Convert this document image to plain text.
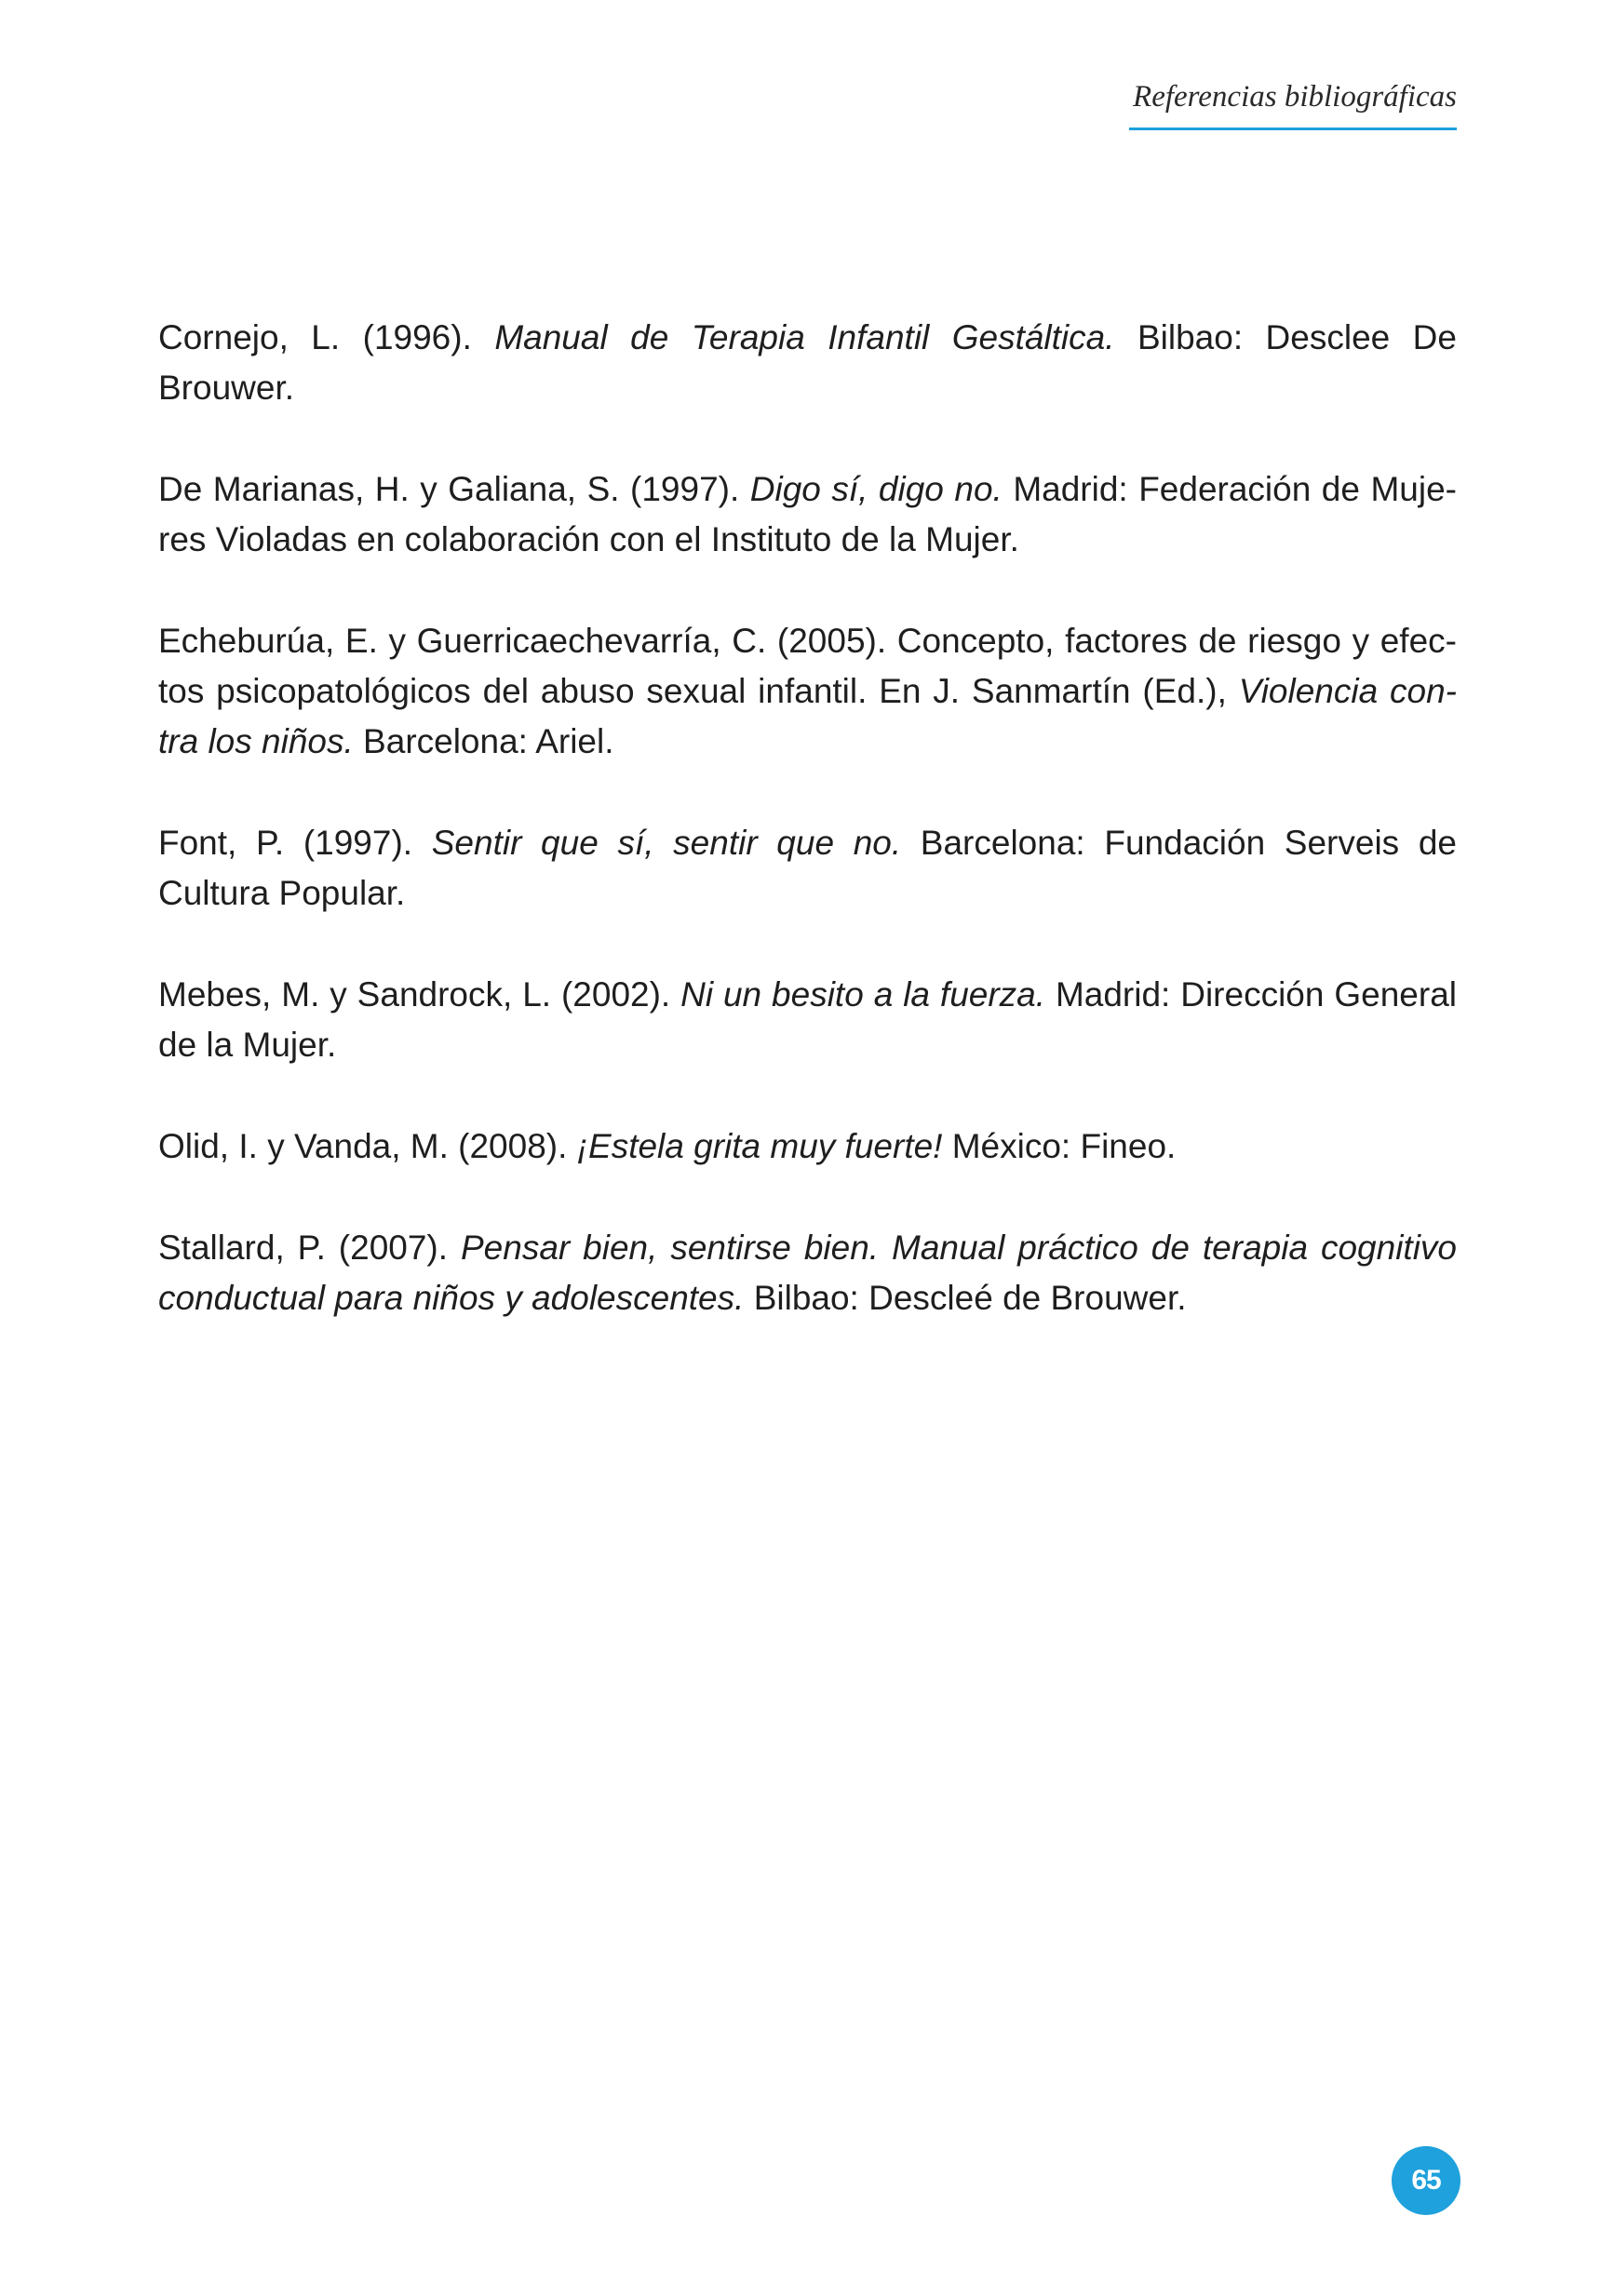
Referencias bibliográficas
Cornejo, L. (1996). Manual de Terapia Infantil Gestáltica. Bilbao: Desclee De Brouwer.
De Marianas, H. y Galiana, S. (1997). Digo sí, digo no. Madrid: Federación de Mujeres Violadas en colaboración con el Instituto de la Mujer.
Echeburúa, E. y Guerricaechevarría, C. (2005). Concepto, factores de riesgo y efectos psicopatológicos del abuso sexual infantil. En J. Sanmartín (Ed.), Violencia contra los niños. Barcelona: Ariel.
Font, P. (1997). Sentir que sí, sentir que no. Barcelona: Fundación Serveis de Cultura Popular.
Mebes, M. y Sandrock, L. (2002). Ni un besito a la fuerza. Madrid: Dirección General de la Mujer.
Olid, I. y Vanda, M. (2008). ¡Estela grita muy fuerte! México: Fineo.
Stallard, P. (2007). Pensar bien, sentirse bien. Manual práctico de terapia cognitivo conductual para niños y adolescentes. Bilbao: Descleé de Brouwer.
65
